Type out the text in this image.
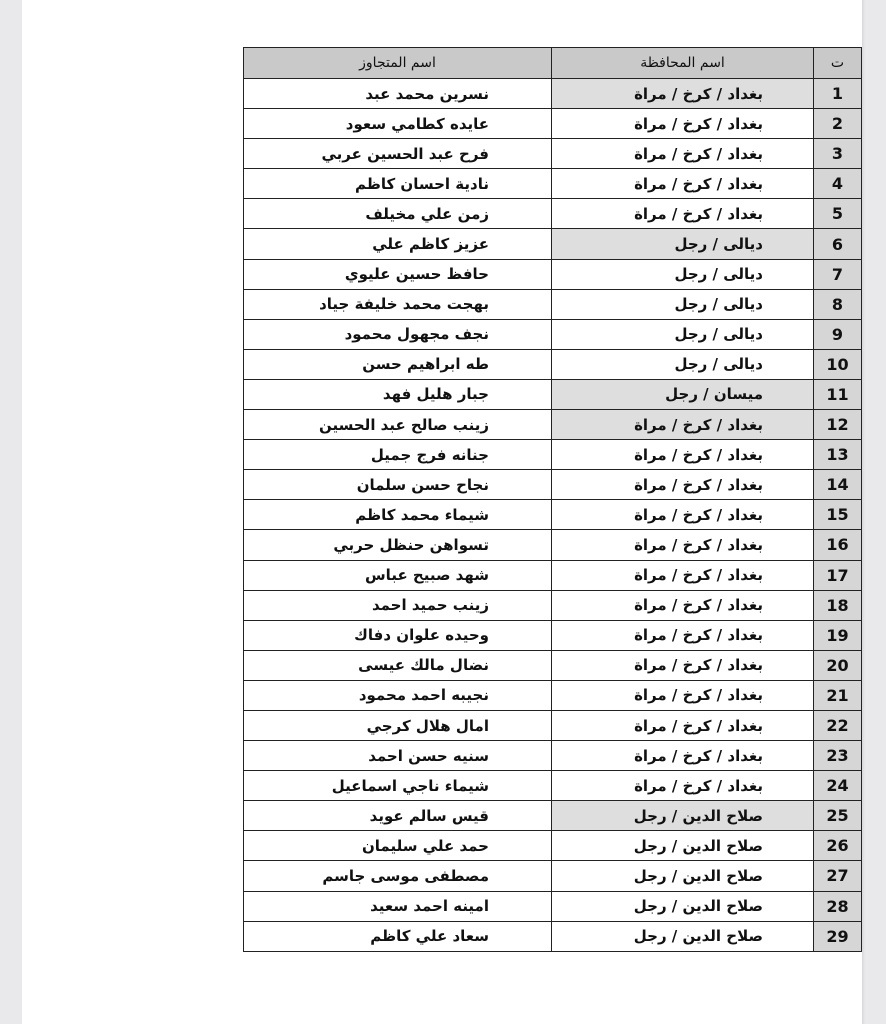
ت	اسم المحافظة	اسم المتجاوز
1	بغداد / كرخ / مراة	نسرين محمد عبد
2	بغداد / كرخ / مراة	عايده كطامي سعود
3	بغداد / كرخ / مراة	فرح عبد الحسين عربي
4	بغداد / كرخ / مراة	نادية احسان كاظم
5	بغداد / كرخ / مراة	زمن علي مخيلف
6	ديالى / رجل	عزيز كاظم علي
7	ديالى / رجل	حافظ حسين عليوي
8	ديالى / رجل	بهجت محمد خليفة جياد
9	ديالى / رجل	نجف مجهول محمود
10	ديالى / رجل	طه ابراهيم حسن
11	ميسان / رجل	جبار هليل فهد
12	بغداد / كرخ / مراة	زينب صالح عبد الحسين
13	بغداد / كرخ / مراة	جنانه فرج جميل
14	بغداد / كرخ / مراة	نجاح حسن سلمان
15	بغداد / كرخ / مراة	شيماء محمد كاظم
16	بغداد / كرخ / مراة	تسواهن حنظل حربي
17	بغداد / كرخ / مراة	شهد صبيح عباس
18	بغداد / كرخ / مراة	زينب حميد احمد
19	بغداد / كرخ / مراة	وحيده علوان دفاك
20	بغداد / كرخ / مراة	نضال مالك عيسى
21	بغداد / كرخ / مراة	نجيبه احمد محمود
22	بغداد / كرخ / مراة	امال هلال كرجي
23	بغداد / كرخ / مراة	سنيه حسن احمد
24	بغداد / كرخ / مراة	شيماء ناجي اسماعيل
25	صلاح الدين / رجل	قيس سالم عويد
26	صلاح الدين / رجل	حمد علي سليمان
27	صلاح الدين / رجل	مصطفى موسى جاسم
28	صلاح الدين / رجل	امينه احمد سعيد
29	صلاح الدين / رجل	سعاد علي كاظم
